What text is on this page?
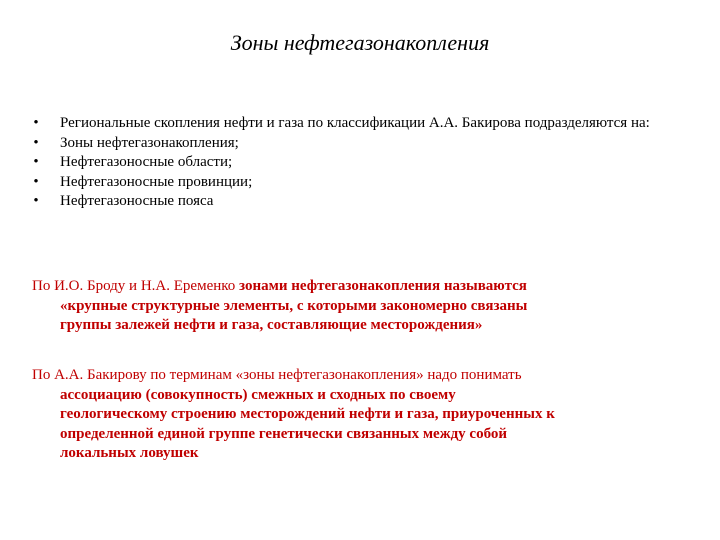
Зоны нефтегазонакопления
• Региональные скопления нефти и газа по классификации А.А. Бакирова подразделяются на:
• Зоны нефтегазонакопления;
• Нефтегазоносные области;
• Нефтегазоносные провинции;
• Нефтегазоносные пояса
По И.О. Броду и Н.А. Еременко зонами нефтегазонакопления называются
«крупные структурные элементы, с которыми закономерно связаны
группы залежей нефти и газа, составляющие месторождения»
По А.А. Бакирову по терминам «зоны нефтегазонакопления» надо понимать
ассоциацию (совокупность) смежных и сходных по своему
геологическому строению месторождений нефти и газа, приуроченных к
определенной единой группе генетически связанных между собой
локальных ловушек
